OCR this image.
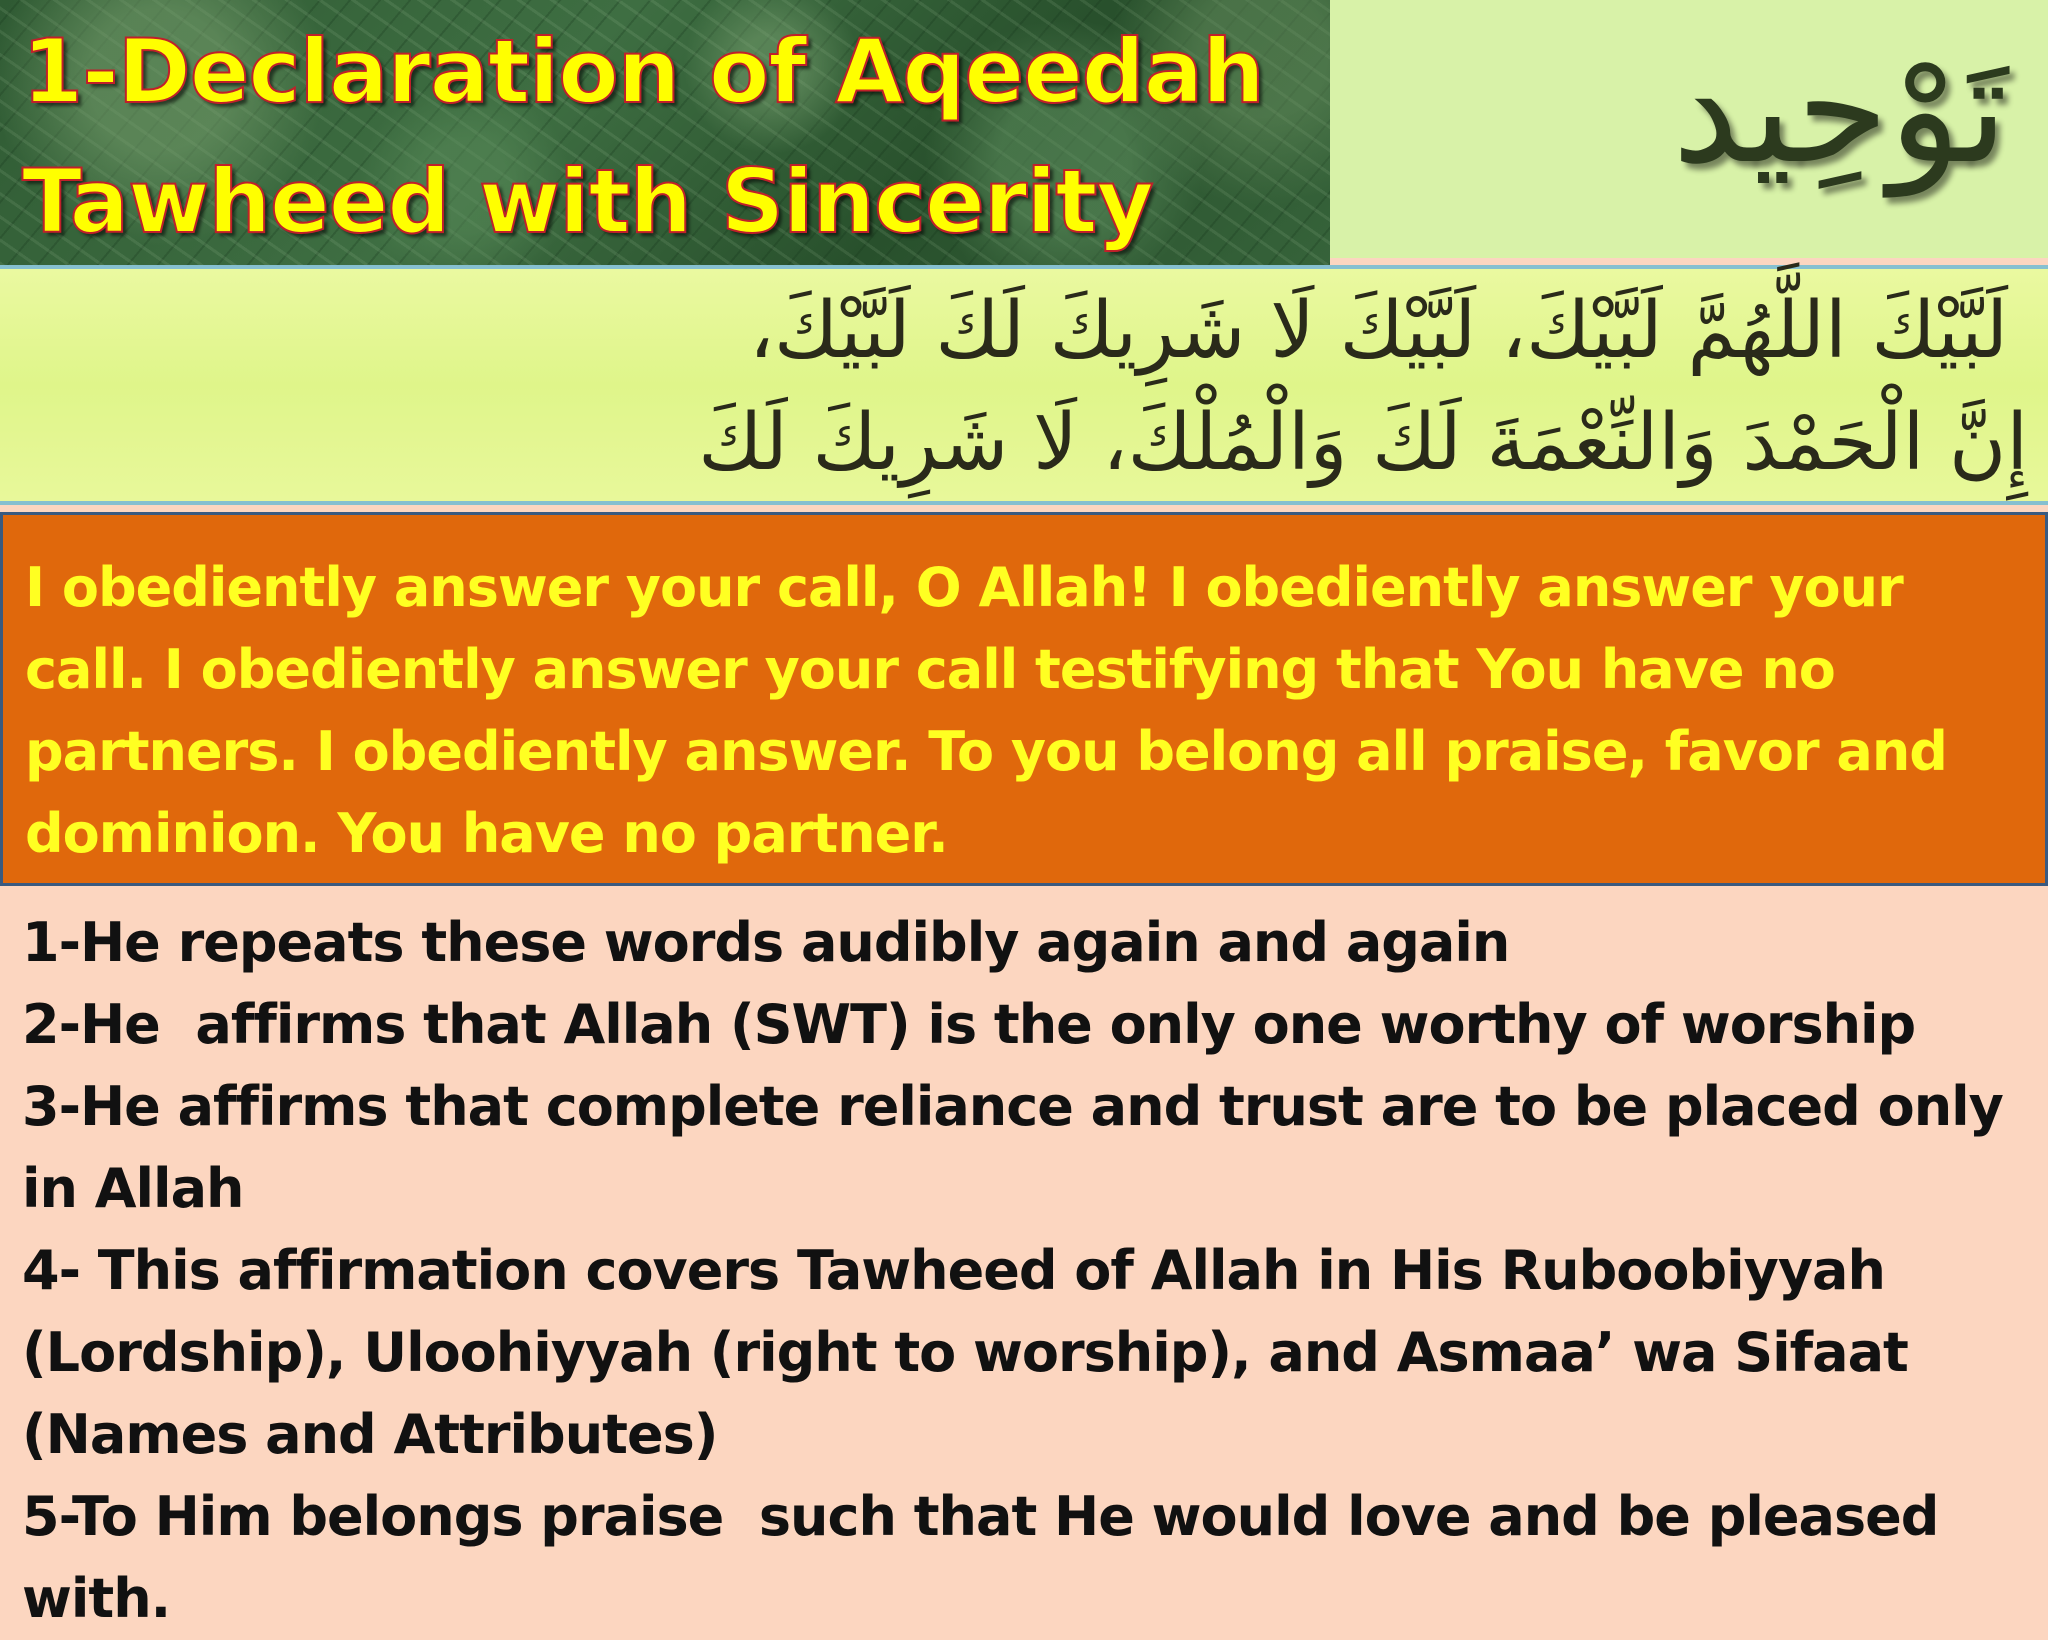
1-Declaration of Aqeedah
Tawheed with Sincerity
تَوْحِيد

لَبَّيْكَ اللَّهُمَّ لَبَّيْكَ، لَبَّيْكَ لَا شَرِيكَ لَكَ لَبَّيْكَ،

إِنَّ الْحَمْدَ وَالنِّعْمَةَ لَكَ وَالْمُلْكَ، لَا شَرِيكَ لَكَ

I obediently answer your call, O Allah! I obediently answer your call. I obediently answer your call testifying that You have no partners. I obediently answer. To you belong all praise, favor and dominion. You have no partner.

1-He repeats these words audibly again and again
2-He  affirms that Allah (SWT) is the only one worthy of worship
3-He affirms that complete reliance and trust are to be placed only in Allah
4- This affirmation covers Tawheed of Allah in His Ruboobiyyah (Lordship), Uloohiyyah (right to worship), and Asmaa’ wa Sifaat (Names and Attributes)
5-To Him belongs praise  such that He would love and be pleased with.
